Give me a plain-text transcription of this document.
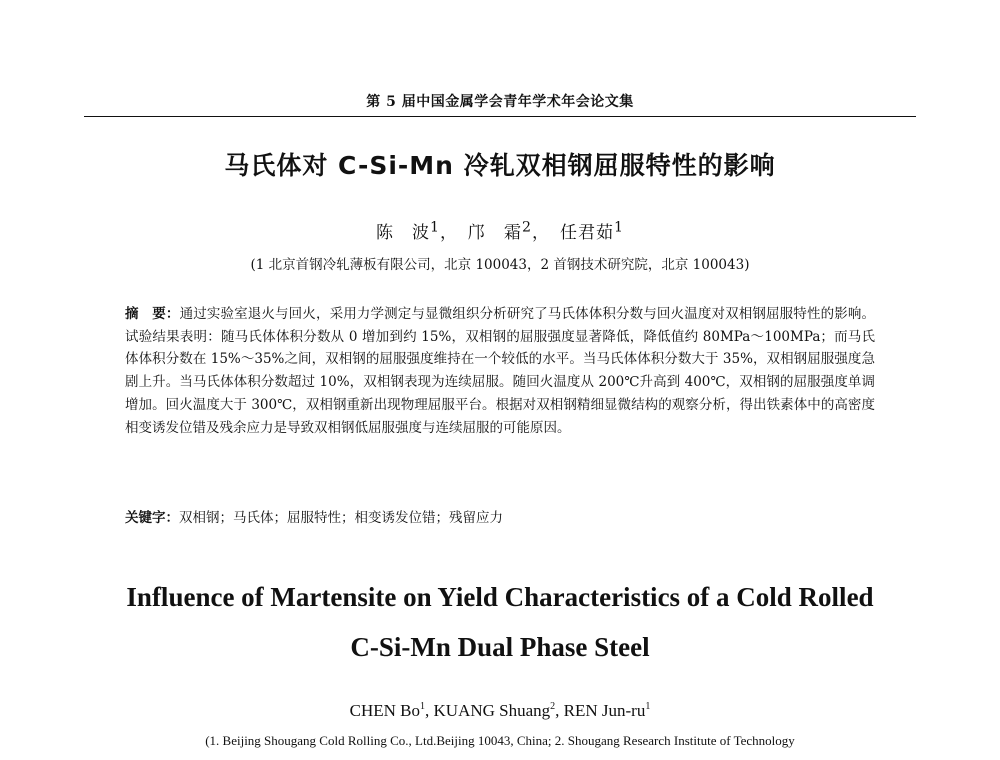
第 5 届中国金属学会青年学术年会论文集
马氏体对 C-Si-Mn 冷轧双相钢屈服特性的影响
陈　波$^1$， 邝　霜$^2$， 任君茹$^1$
(1 北京首钢冷轧薄板有限公司，北京 100043，2 首钢技术研究院，北京 100043)
摘　要：通过实验室退火与回火，采用力学测定与显微组织分析研究了马氏体体积分数与回火温度对双相钢屈服特性的影响。试验结果表明：随马氏体体积分数从 0 增加到约 15%，双相钢的屈服强度显著降低，降低值约 80MPa～100MPa；而马氏体体积分数在 15%～35%之间，双相钢的屈服强度维持在一个较低的水平。当马氏体体积分数大于 35%，双相钢屈服强度急剧上升。当马氏体体积分数超过 10%，双相钢表现为连续屈服。随回火温度从 200℃升高到 400℃，双相钢的屈服强度单调增加。回火温度大于 300℃，双相钢重新出现物理屈服平台。根据对双相钢精细显微结构的观察分析，得出铁素体中的高密度相变诱发位错及残余应力是导致双相钢低屈服强度与连续屈服的可能原因。
关键字：双相钢；马氏体；屈服特性；相变诱发位错；残留应力
Influence of Martensite on Yield Characteristics of a Cold Rolled
C-Si-Mn Dual Phase Steel
CHEN Bo$^1$, KUANG Shuang$^2$, REN Jun-$ru^1$
(1. Beijing Shougang Cold Rolling Co., Ltd.Beijing 10043, China; 2. Shougang Research Institute of Technology
